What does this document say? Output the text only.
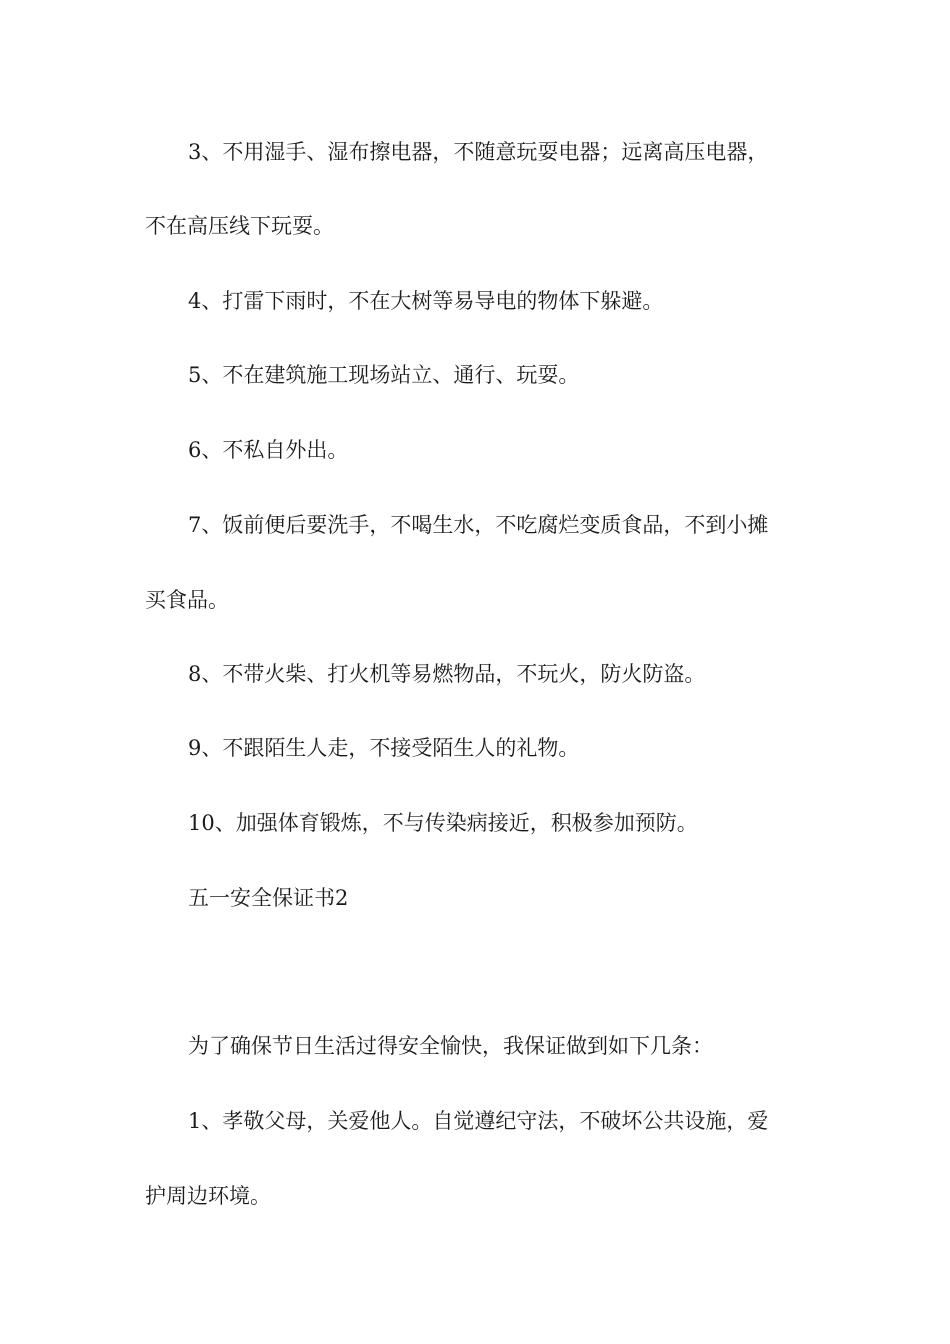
3、不用湿手、湿布擦电器，不随意玩耍电器；远离高压电器，
不在高压线下玩耍。
4、打雷下雨时，不在大树等易导电的物体下躲避。
5、不在建筑施工现场站立、通行、玩耍。
6、不私自外出。
7、饭前便后要洗手，不喝生水，不吃腐烂变质食品，不到小摊
买食品。
8、不带火柴、打火机等易燃物品，不玩火，防火防盗。
9、不跟陌生人走，不接受陌生人的礼物。
10、加强体育锻炼，不与传染病接近，积极参加预防。
五一安全保证书2
为了确保节日生活过得安全愉快，我保证做到如下几条：
1、孝敬父母，关爱他人。自觉遵纪守法，不破坏公共设施，爱
护周边环境。
